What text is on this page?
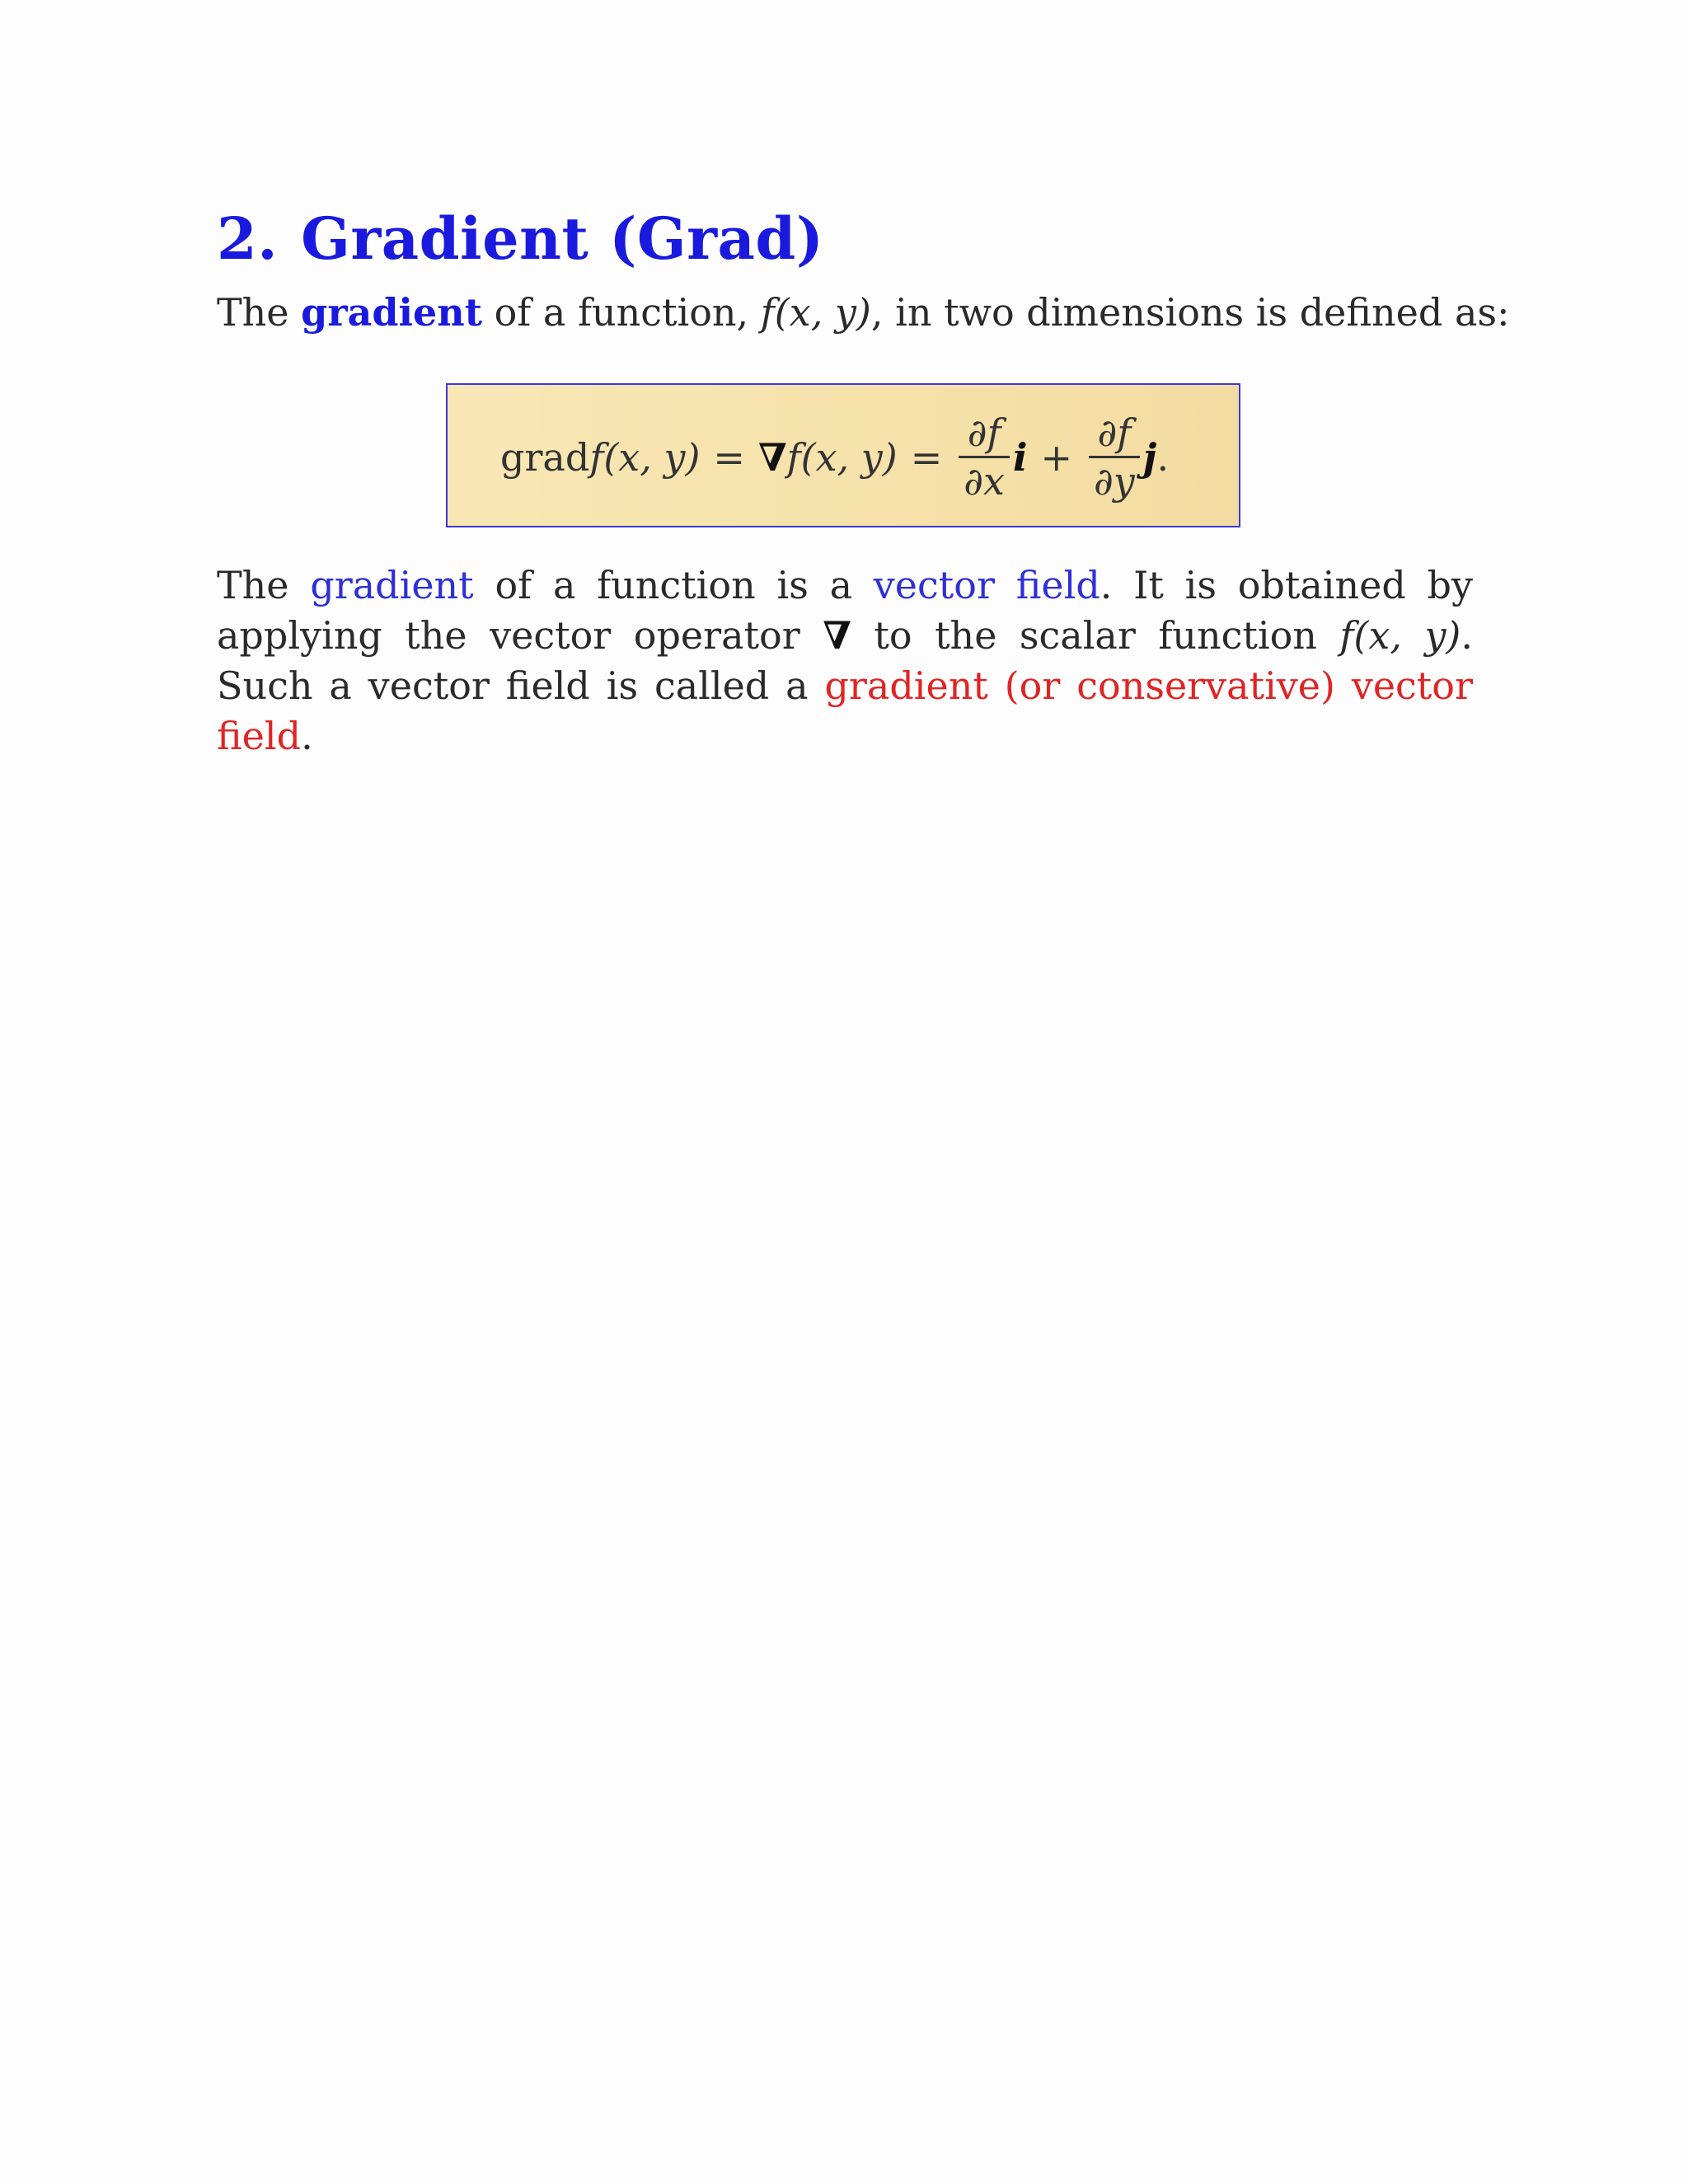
2. Gradient (Grad)

The gradient of a function, f(x, y), in two dimensions is defined as:

grad f(x, y) = ∇ f(x, $y) = \frac{\partial f}{\partial x}$ $i + \frac{\partial f}{\partial y}$ j .

The gradient of a function is a vector field. It is obtained by applying the vector operator ∇ to the scalar function f(x, y). Such a vector field is called a gradient (or conservative) vector field.
